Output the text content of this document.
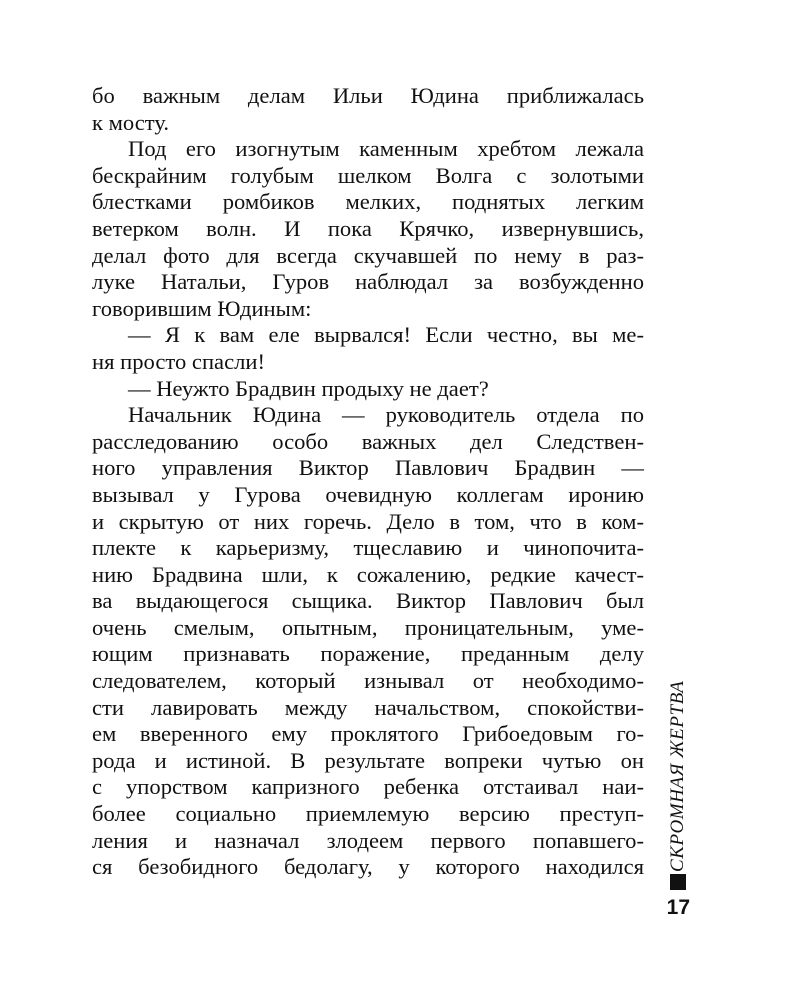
бо важным делам Ильи Юдина приближалась
к мосту.
Под его изогнутым каменным хребтом лежала
бескрайним голубым шелком Волга с золотыми
блестками ромбиков мелких, поднятых легким
ветерком волн. И пока Крячко, извернувшись,
делал фото для всегда скучавшей по нему в раз-
луке Натальи, Гуров наблюдал за возбужденно
говорившим Юдиным:
— Я к вам еле вырвался! Если честно, вы ме-
ня просто спасли!
— Неужто Брадвин продыху не дает?
Начальник Юдина — руководитель отдела по
расследованию особо важных дел Следствен-
ного управления Виктор Павлович Брадвин —
вызывал у Гурова очевидную коллегам иронию
и скрытую от них горечь. Дело в том, что в ком-
плекте к карьеризму, тщеславию и чинопочита-
нию Брадвина шли, к сожалению, редкие качест-
ва выдающегося сыщика. Виктор Павлович был
очень смелым, опытным, проницательным, уме-
ющим признавать поражение, преданным делу
следователем, который изнывал от необходимо-
сти лавировать между начальством, спокойстви-
ем вверенного ему проклятого Грибоедовым го-
рода и истиной. В результате вопреки чутью он
с упорством капризного ребенка отстаивал наи-
более социально приемлемую версию преступ-
ления и назначал злодеем первого попавшего-
ся безобидного бедолагу, у которого находился СКРОМНАЯ ЖЕРТВА
17
